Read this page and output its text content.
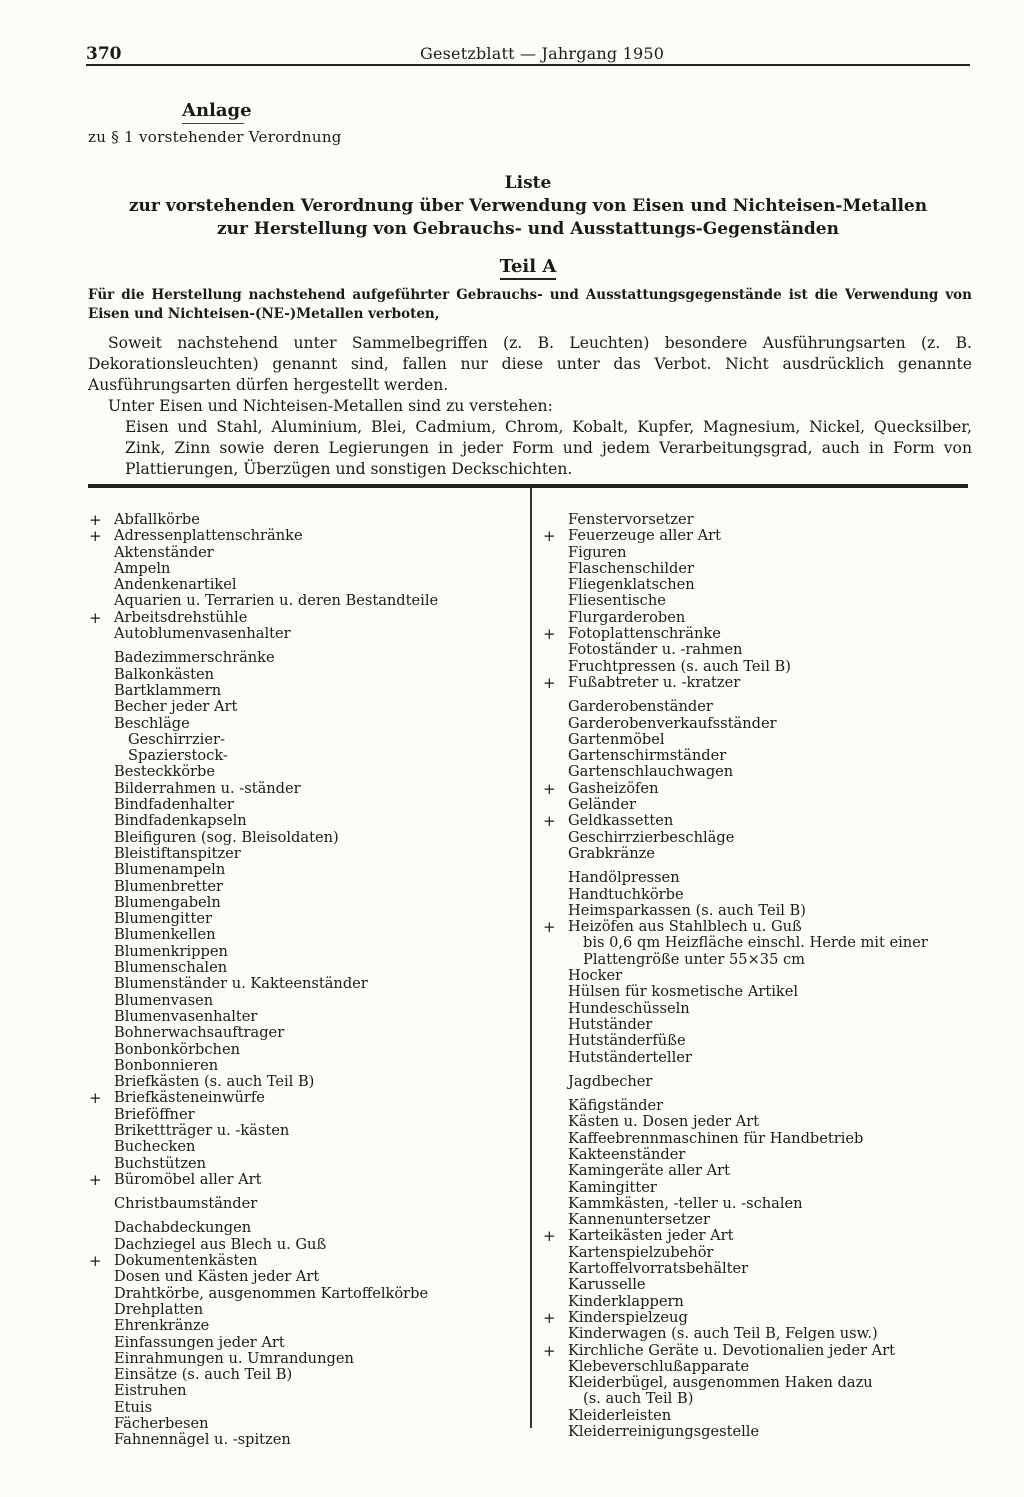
370	Gesetzblatt — Jahrgang 1950
Anlage
zu § 1 vorstehender Verordnung
Liste
zur vorstehenden Verordnung über Verwendung von Eisen und Nichteisen-Metallen
zur Herstellung von Gebrauchs- und Ausstattungs-Gegenständen
Teil A
Für die Herstellung nachstehend aufgeführter Gebrauchs- und Ausstattungsgegenstände ist die Verwendung von Eisen und Nichteisen-(NE-)Metallen verboten,
Soweit nachstehend unter Sammelbegriffen (z. B. Leuchten) besondere Ausführungsarten (z. B. Dekorationsleuchten) genannt sind, fallen nur diese unter das Verbot. Nicht ausdrücklich genannte Ausführungsarten dürfen hergestellt werden.
Unter Eisen und Nichteisen-Metallen sind zu verstehen:
Eisen und Stahl, Aluminium, Blei, Cadmium, Chrom, Kobalt, Kupfer, Magnesium, Nickel, Quecksilber, Zink, Zinn sowie deren Legierungen in jeder Form und jedem Verarbeitungsgrad, auch in Form von Plattierungen, Überzügen und sonstigen Deckschichten.
+ Abfallkörbe
+ Adressenplattenschränke
Aktenständer
Ampeln
Andenkenartikel
Aquarien u. Terrarien u. deren Bestandteile
+ Arbeitsdrehstühle
Autoblumenvasenhalter
Badezimmerschränke
Balkonkästen
Bartklammern
Becher jeder Art
Beschläge
Geschirrzier-
Spazierstock-
Besteckkörbe
Bilderrahmen u. -ständer
Bindfadenhalter
Bindfadenkapseln
Bleifiguren (sog. Bleisoldaten)
Bleistiftanspitzer
Blumenampeln
Blumenbretter
Blumengabeln
Blumengitter
Blumenkellen
Blumenkrippen
Blumenschalen
Blumenständer u. Kakteenständer
Blumenvasen
Blumenvasenhalter
Bohnerwachsauftrager
Bonbonkörbchen
Bonbonnieren
Briefkästen (s. auch Teil B)
+ Briefkästeneinwürfe
Brieföffner
Brikettträger u. -kästen
Buchecken
Buchstützen
+ Büromöbel aller Art
Christbaumständer
Dachabdeckungen
Dachziegel aus Blech u. Guß
+ Dokumentenkästen
Dosen und Kästen jeder Art
Drahtkörbe, ausgenommen Kartoffelkörbe
Drehplatten
Ehrenkränze
Einfassungen jeder Art
Einrahmungen u. Umrandungen
Einsätze (s. auch Teil B)
Eistruhen
Etuis
Fächerbesen
Fahnennägel u. -spitzen
Fenstervorsetzer
+ Feuerzeuge aller Art
Figuren
Flaschenschilder
Fliegenklatschen
Fliesentische
Flurgarderoben
+ Fotoplattenschränke
Fotoständer u. -rahmen
Fruchtpressen (s. auch Teil B)
+ Fußabtreter u. -kratzer
Garderobenständer
Garderobenverkaufsständer
Gartenmöbel
Gartenschirmständer
Gartenschlauchwagen
+ Gasheizöfen
Geländer
+ Geldkassetten
Geschirrzierbeschläge
Grabkränze
Handölpressen
Handtuchkörbe
Heimsparkassen (s. auch Teil B)
+ Heizöfen aus Stahlblech u. Guß
bis 0,6 qm Heizfläche einschl. Herde mit einer
Plattengröße unter 55×35 cm
Hocker
Hülsen für kosmetische Artikel
Hundeschüsseln
Hutständer
Hutständerfüße
Hutständerteller
Jagdbecher
Käfigständer
Kästen u. Dosen jeder Art
Kaffeebrennmaschinen für Handbetrieb
Kakteenständer
Kamingeräte aller Art
Kamingitter
Kammkästen, -teller u. -schalen
Kannenuntersetzer
+ Karteikästen jeder Art
Kartenspielzubehör
Kartoffelvorratsbehälter
Karusselle
Kinderklappern
+ Kinderspielzeug
Kinderwagen (s. auch Teil B, Felgen usw.)
+ Kirchliche Geräte u. Devotionalien jeder Art
Klebeverschlußapparate
Kleiderbügel, ausgenommen Haken dazu
(s. auch Teil B)
Kleiderleisten
Kleiderreinigungsgestelle
